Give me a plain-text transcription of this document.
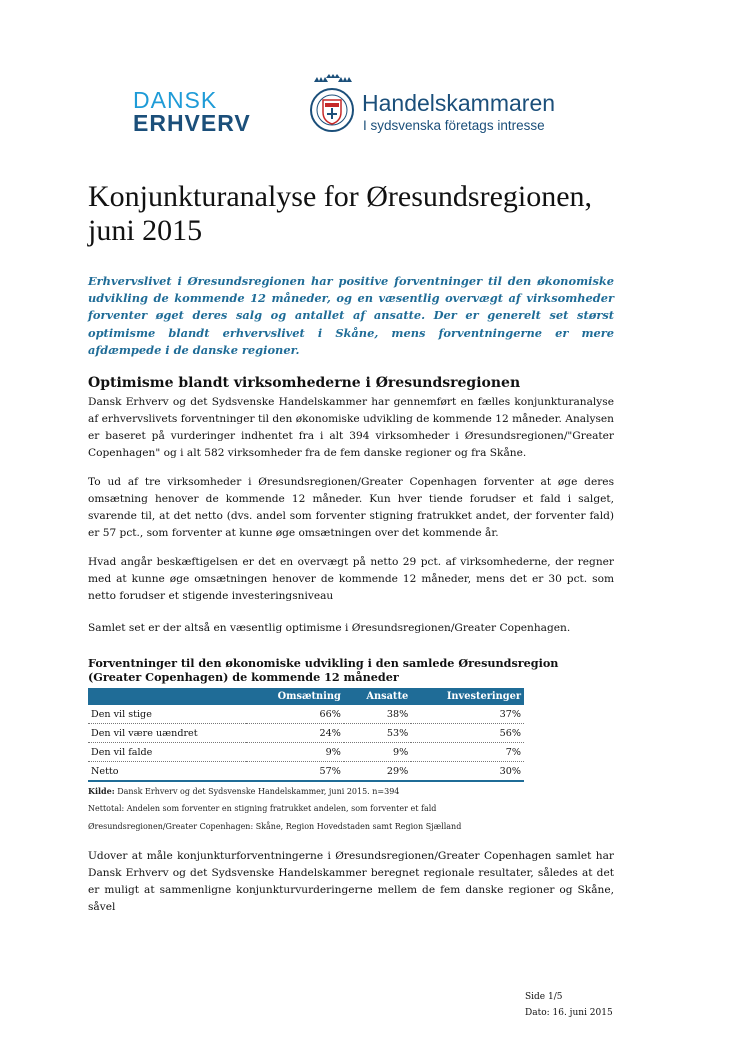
DANSK
ERHVERV
Handelskammaren
I sydsvenska företags intresse
Konjunkturanalyse for Øresundsregionen,
juni 2015
Erhvervslivet i Øresundsregionen har positive forventninger til den økonomiske udvikling de kommende 12 måneder, og en væsentlig overvægt af virksomheder forventer øget deres salg og antallet af ansatte. Der er generelt set størst optimisme blandt erhvervslivet i Skåne, mens forventningerne er mere afdæmpede i de danske regioner.
Optimisme blandt virksomhederne i Øresundsregionen
Dansk Erhverv og det Sydsvenske Handelskammer har gennemført en fælles konjunkturanalyse af erhvervslivets forventninger til den økonomiske udvikling de kommende 12 måneder. Analysen er baseret på vurderinger indhentet fra i alt 394 virksomheder i Øresundsregionen/"Greater Copenhagen" og i alt 582 virksomheder fra de fem danske regioner og fra Skåne.
To ud af tre virksomheder i Øresundsregionen/Greater Copenhagen forventer at øge deres omsætning henover de kommende 12 måneder. Kun hver tiende forudser et fald i salget, svarende til, at det netto (dvs. andel som forventer stigning fratrukket andet, der forventer fald) er 57 pct., som forventer at kunne øge omsætningen over det kommende år.
Hvad angår beskæftigelsen er det en overvægt på netto 29 pct. af virksomhederne, der regner med at kunne øge omsætningen henover de kommende 12 måneder, mens det er 30 pct. som netto forudser et stigende investeringsniveau
Samlet set er der altså en væsentlig optimisme i Øresundsregionen/Greater Copenhagen.
Forventninger til den økonomiske udvikling i den samlede Øresundsregion (Greater Copenhagen) de kommende 12 måneder
	Omsætning	Ansatte	Investeringer
Den vil stige	66%	38%	37%
Den vil være uændret	24%	53%	56%
Den vil falde	9%	9%	7%
Netto	57%	29%	30%
Kilde: Dansk Erhverv og det Sydsvenske Handelskammer, juni 2015. n=394
Nettotal: Andelen som forventer en stigning fratrukket andelen, som forventer et fald
Øresundsregionen/Greater Copenhagen: Skåne, Region Hovedstaden samt Region Sjælland
Udover at måle konjunkturforventningerne i Øresundsregionen/Greater Copenhagen samlet har Dansk Erhverv og det Sydsvenske Handelskammer beregnet regionale resultater, således at det er muligt at sammenligne konjunkturvurderingerne mellem de fem danske regioner og Skåne, såvel
Side 1/5
Dato: 16. juni 2015
